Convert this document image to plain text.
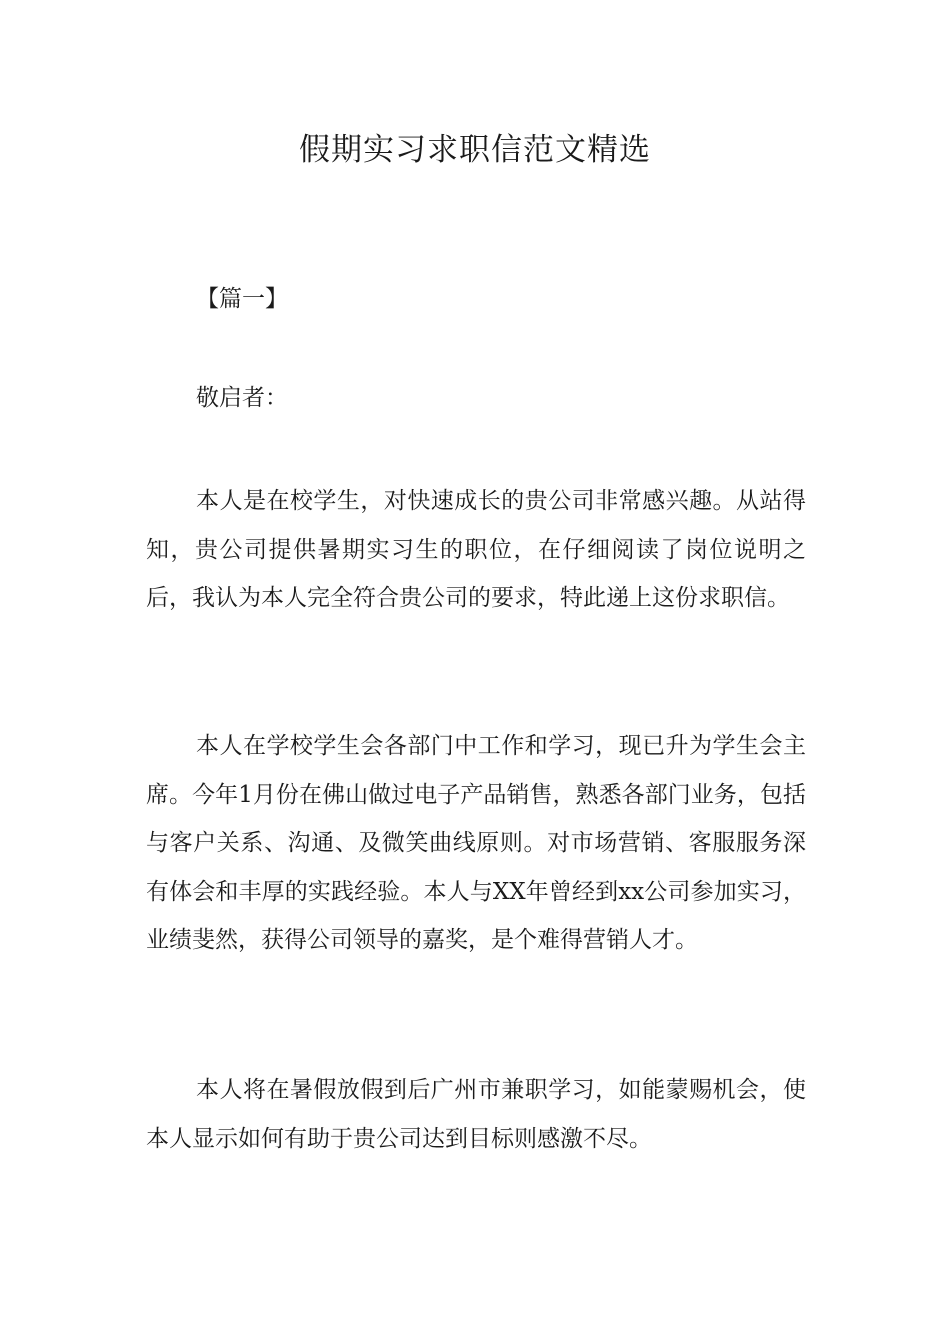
假期实习求职信范文精选
【篇一】
敬启者：

本人是在校学生，对快速成长的贵公司非常感兴趣。从站得知，贵公司提供暑期实习生的职位，在仔细阅读了岗位说明之后，我认为本人完全符合贵公司的要求，特此递上这份求职信。

本人在学校学生会各部门中工作和学习，现已升为学生会主席。今年1月份在佛山做过电子产品销售，熟悉各部门业务，包括与客户关系、沟通、及微笑曲线原则。对市场营销、客服服务深有体会和丰厚的实践经验。本人与XX年曾经到xx公司参加实习，业绩斐然，获得公司领导的嘉奖，是个难得营销人才。

本人将在暑假放假到后广州市兼职学习，如能蒙赐机会，使本人显示如何有助于贵公司达到目标则感激不尽。
